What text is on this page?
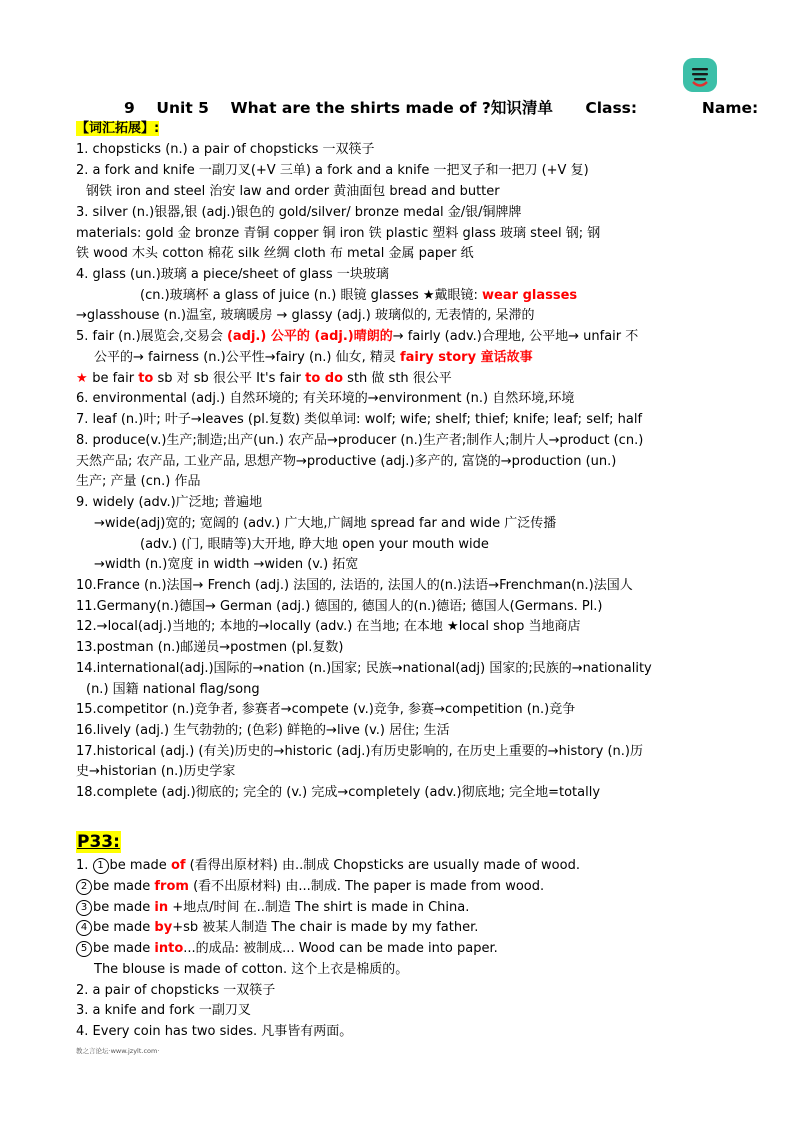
9 Unit 5 What are the shirts made of ?知识清单 Class:	Name:
【词汇拓展】:
1. chopsticks (n.) a pair of chopsticks 一双筷子
2. a fork and knife 一副刀叉(+V 三单) a fork and a knife 一把叉子和一把刀 (+V 复)
钢铁 iron and steel 治安 law and order 黄油面包 bread and butter
3. silver (n.)银器,银 (adj.)银色的 gold/silver/ bronze medal 金/银/铜牌牌
materials: gold 金 bronze 青铜 copper 铜 iron 铁 plastic 塑料 glass 玻璃 steel 钢; 钢
铁 wood 木头 cotton 棉花 silk 丝绸 cloth 布 metal 金属 paper 纸
4. glass (un.)玻璃 a piece/sheet of glass 一块玻璃
(cn.)玻璃杯 a glass of juice (n.) 眼镜 glasses ★戴眼镜: wear glasses
→glasshouse (n.)温室, 玻璃暖房 → glassy (adj.) 玻璃似的, 无表情的, 呆滞的
5. fair (n.)展览会,交易会 (adj.) 公平的 (adj.)晴朗的→ fairly (adv.)合理地, 公平地→ unfair 不
公平的→ fairness (n.)公平性→fairy (n.) 仙女, 精灵 fairy story 童话故事
★ be fair to sb 对 sb 很公平 It's fair to do sth 做 sth 很公平
6. environmental (adj.) 自然环境的; 有关环境的→environment (n.) 自然环境,环境
7. leaf (n.)叶; 叶子→leaves (pl.复数) 类似单词: wolf; wife; shelf; thief; knife; leaf; self; half
8. produce(v.)生产;制造;出产(un.) 农产品→producer (n.)生产者;制作人;制片人→product (cn.)
天然产品; 农产品, 工业产品, 思想产物→productive (adj.)多产的, 富饶的→production (un.)
生产; 产量 (cn.) 作品
9. widely (adv.)广泛地; 普遍地
→wide(adj)宽的; 宽阔的 (adv.) 广大地,广阔地 spread far and wide 广泛传播
(adv.) (门, 眼睛等)大开地, 睁大地 open your mouth wide
→width (n.)宽度 in width →widen (v.) 拓宽
10.France (n.)法国→ French (adj.) 法国的, 法语的, 法国人的(n.)法语→Frenchman(n.)法国人
11.Germany(n.)德国→ German (adj.) 德国的, 德国人的(n.)德语; 德国人(Germans. Pl.)
12.→local(adj.)当地的; 本地的→locally (adv.) 在当地; 在本地 ★local shop 当地商店
13.postman (n.)邮递员→postmen (pl.复数)
14.international(adj.)国际的→nation (n.)国家; 民族→national(adj) 国家的;民族的→nationality
(n.) 国籍 national flag/song
15.competitor (n.)竞争者, 参赛者→compete (v.)竞争, 参赛→competition (n.)竞争
16.lively (adj.) 生气勃勃的; (色彩) 鲜艳的→live (v.) 居住; 生活
17.historical (adj.) (有关)历史的→historic (adj.)有历史影响的, 在历史上重要的→history (n.)历
史→historian (n.)历史学家
18.complete (adj.)彻底的; 完全的 (v.) 完成→completely (adv.)彻底地; 完全地=totally
P33:
1. 1 be made of (看得出原材料) 由..制成 Chopsticks are usually made of wood.
2 be made from (看不出原材料) 由...制成. The paper is made from wood.
3 be made in +地点/时间 在..制造 The shirt is made in China.
4 be made by+sb 被某人制造 The chair is made by my father.
5 be made into...的成品: 被制成... Wood can be made into paper.
The blouse is made of cotton. 这个上衣是棉质的。
2. a pair of chopsticks 一双筷子
3. a knife and fork 一副刀叉
4. Every coin has two sides. 凡事皆有两面。
教之言论坛·www.jzylt.com·
